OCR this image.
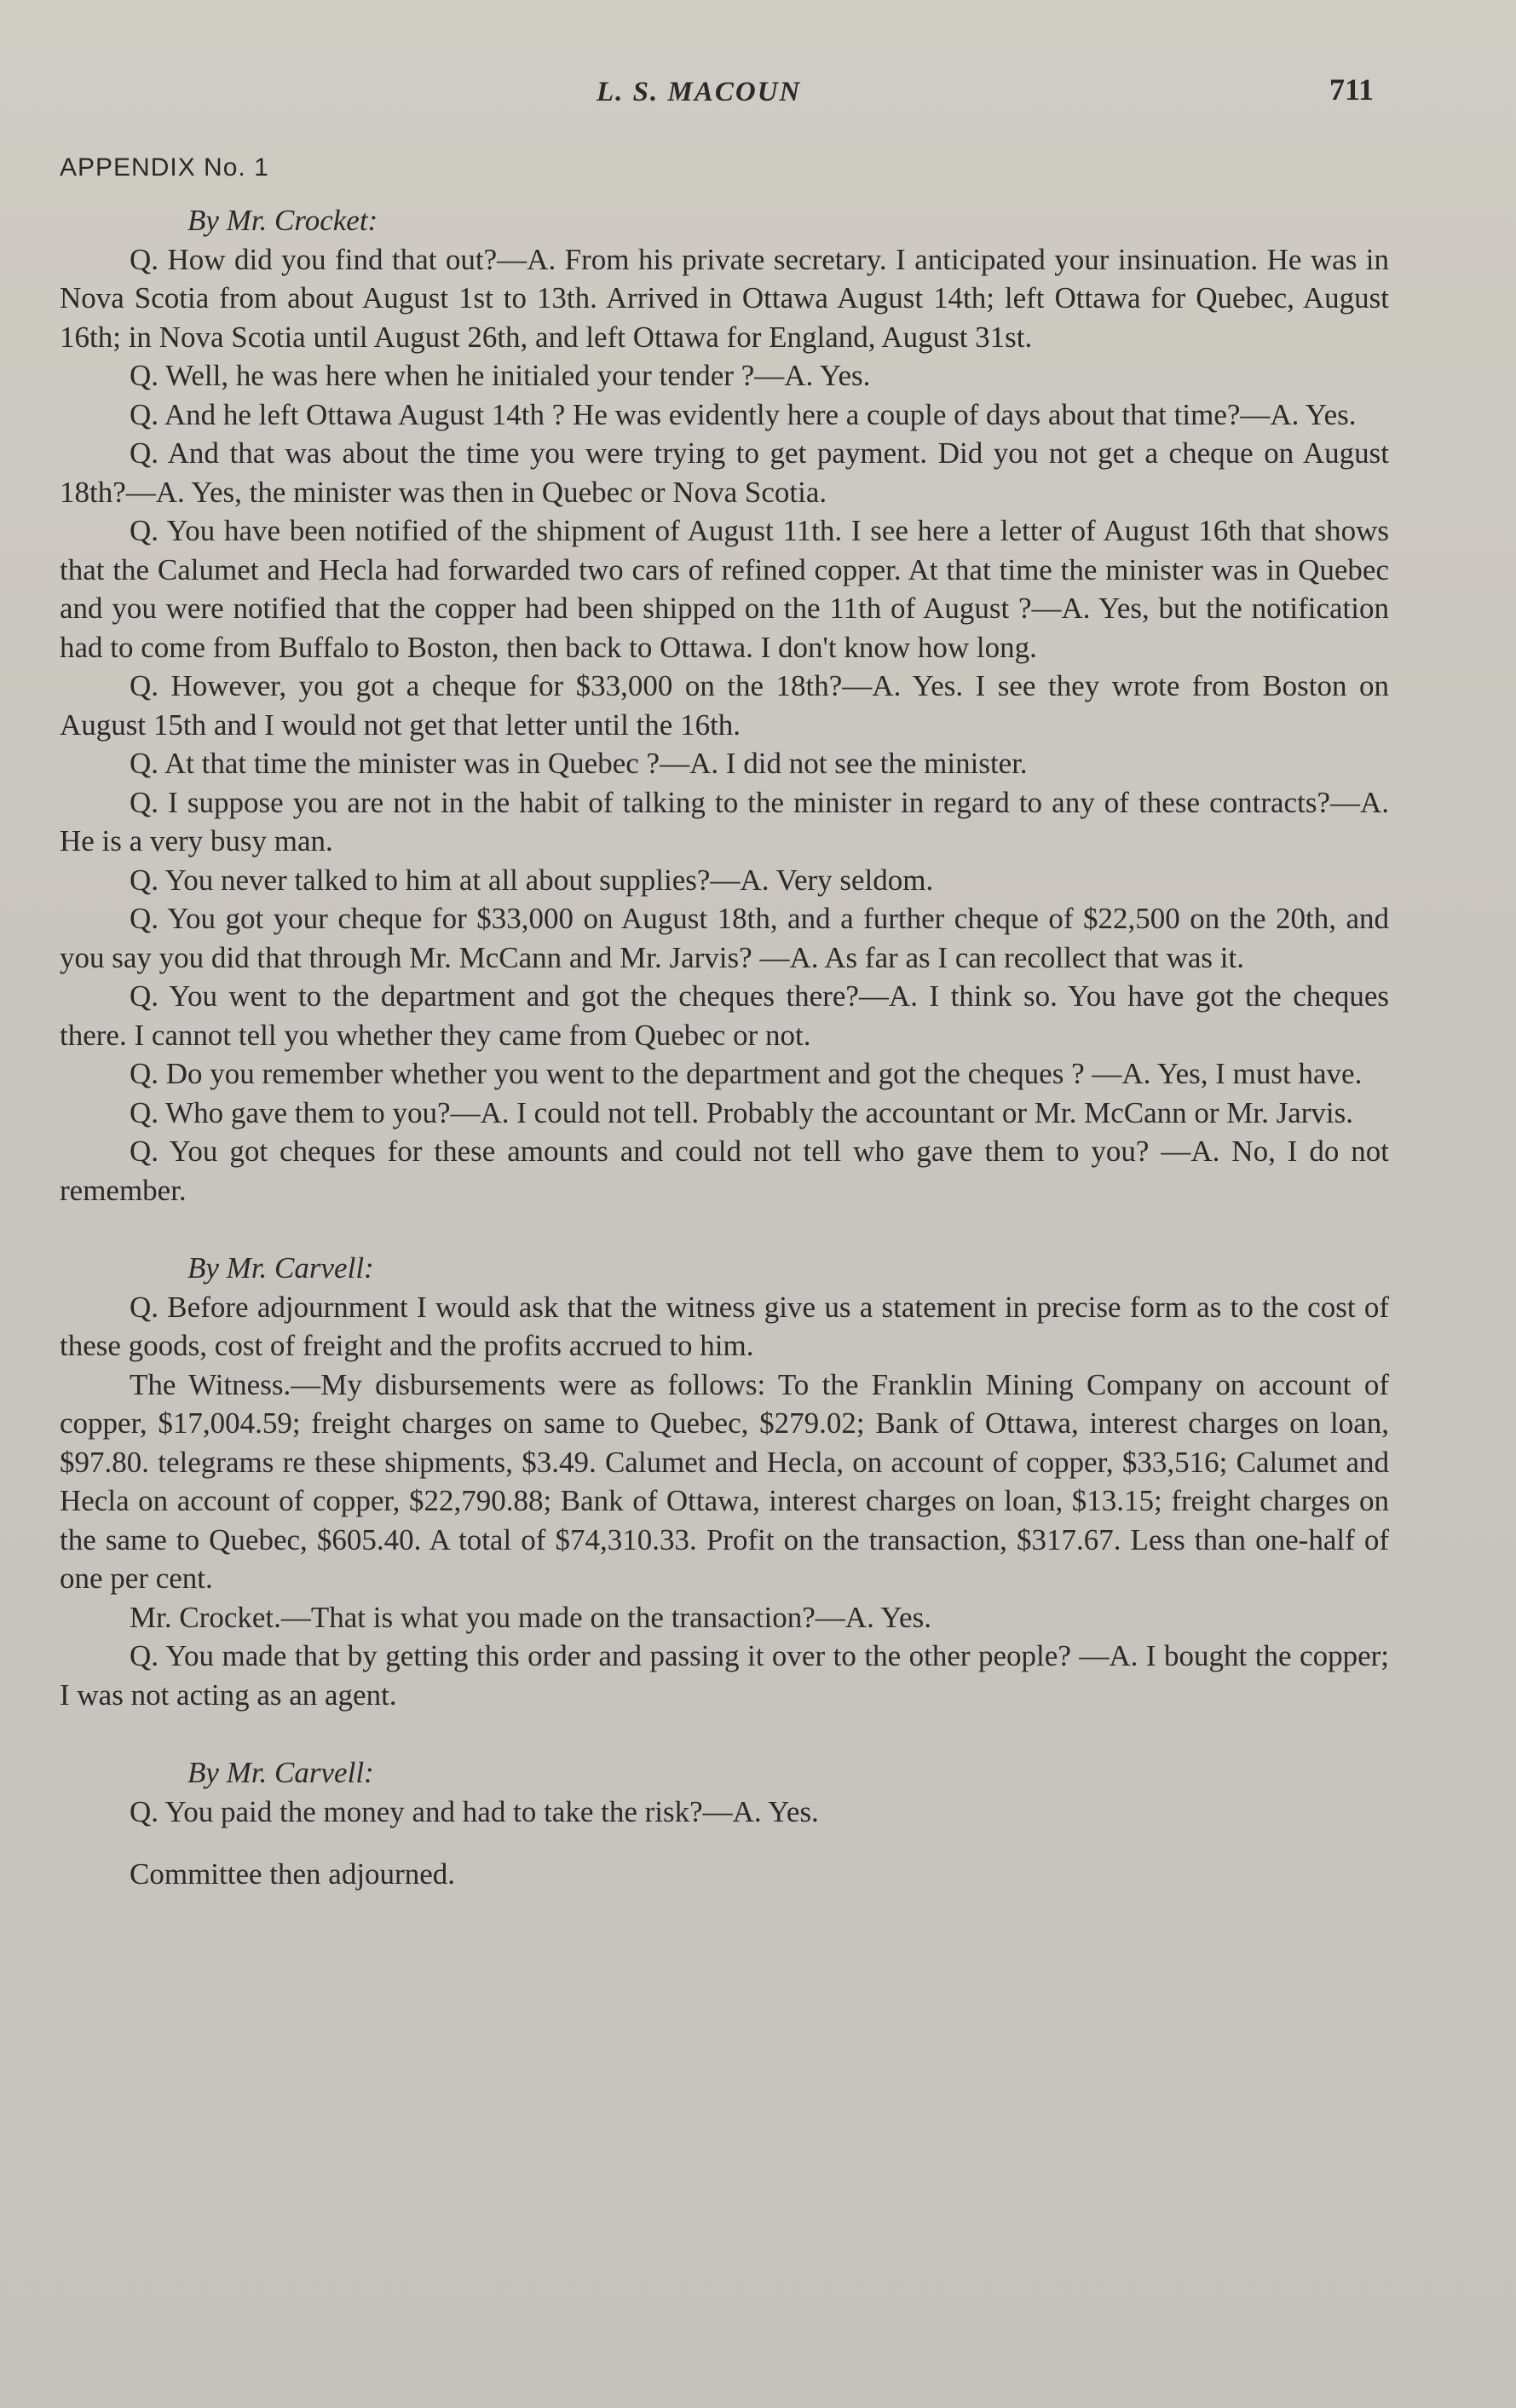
L. S. MACOUN	711
APPENDIX No. 1

By Mr. Crocket:

Q. How did you find that out?—A. From his private secretary. I anticipated your insinuation. He was in Nova Scotia from about August 1st to 13th. Arrived in Ottawa August 14th; left Ottawa for Quebec, August 16th; in Nova Scotia until August 26th, and left Ottawa for England, August 31st.

Q. Well, he was here when he initialed your tender ?—A. Yes.

Q. And he left Ottawa August 14th ? He was evidently here a couple of days about that time?—A. Yes.

Q. And that was about the time you were trying to get payment. Did you not get a cheque on August 18th?—A. Yes, the minister was then in Quebec or Nova Scotia.

Q. You have been notified of the shipment of August 11th. I see here a letter of August 16th that shows that the Calumet and Hecla had forwarded two cars of refined copper. At that time the minister was in Quebec and you were notified that the copper had been shipped on the 11th of August ?—A. Yes, but the notification had to come from Buffalo to Boston, then back to Ottawa. I don't know how long.

Q. However, you got a cheque for $33,000 on the 18th?—A. Yes. I see they wrote from Boston on August 15th and I would not get that letter until the 16th.

Q. At that time the minister was in Quebec ?—A. I did not see the minister.

Q. I suppose you are not in the habit of talking to the minister in regard to any of these contracts?—A. He is a very busy man.

Q. You never talked to him at all about supplies?—A. Very seldom.

Q. You got your cheque for $33,000 on August 18th, and a further cheque of $22,500 on the 20th, and you say you did that through Mr. McCann and Mr. Jarvis? —A. As far as I can recollect that was it.

Q. You went to the department and got the cheques there?—A. I think so. You have got the cheques there. I cannot tell you whether they came from Quebec or not.

Q. Do you remember whether you went to the department and got the cheques ? —A. Yes, I must have.

Q. Who gave them to you?—A. I could not tell. Probably the accountant or Mr. McCann or Mr. Jarvis.

Q. You got cheques for these amounts and could not tell who gave them to you? —A. No, I do not remember.

By Mr. Carvell:

Q. Before adjournment I would ask that the witness give us a statement in precise form as to the cost of these goods, cost of freight and the profits accrued to him.

The Witness.—My disbursements were as follows: To the Franklin Mining Company on account of copper, $17,004.59; freight charges on same to Quebec, $279.02; Bank of Ottawa, interest charges on loan, $97.80. telegrams re these shipments, $3.49. Calumet and Hecla, on account of copper, $33,516; Calumet and Hecla on account of copper, $22,790.88; Bank of Ottawa, interest charges on loan, $13.15; freight charges on the same to Quebec, $605.40. A total of $74,310.33. Profit on the transaction, $317.67. Less than one-half of one per cent.

Mr. Crocket.—That is what you made on the transaction?—A. Yes.

Q. You made that by getting this order and passing it over to the other people? —A. I bought the copper; I was not acting as an agent.

By Mr. Carvell:

Q. You paid the money and had to take the risk?—A. Yes.

Committee then adjourned.
